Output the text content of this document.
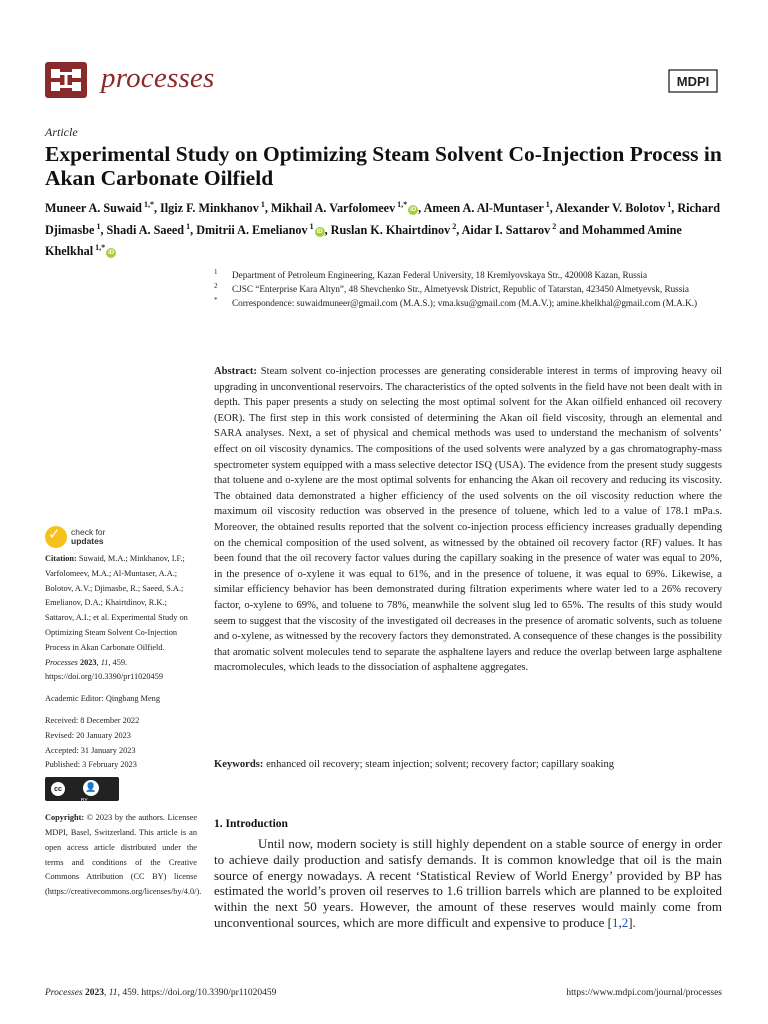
processes	MDPI
Article
Experimental Study on Optimizing Steam Solvent Co-Injection Process in Akan Carbonate Oilfield
Muneer A. Suwaid $^{1,*}$, Ilgiz F. Minkhanov $^1$, Mikhail A. Varfolomeev $^{1,*}$iD , Ameen A. Al-Muntaser $^1$, Alexander V. Bolotov $^1$, Richard Djimasbe $^1$, Shadi A. Saeed $^1$, Dmitrii A. Emelianov $^1$iD , Ruslan K. Khairtdinov $^2$, Aidar I. Sattarov $^2$ and Mohammed Amine Khelkhal $^{1,*}$iD
1 Department of Petroleum Engineering, Kazan Federal University, 18 Kremlyovskaya Str., 420008 Kazan, Russia
2 CJSC “Enterprise Kara Altyn”, 48 Shevchenko Str., Almetyevsk District, Republic of Tatarstan, 423450 Almetyevsk, Russia
* Correspondence: suwaidmuneer@gmail.com (M.A.S.); vma.ksu@gmail.com (M.A.V.); amine.khelkhal@gmail.com (M.A.K.)
Abstract: Steam solvent co-injection processes are generating considerable interest in terms of improving heavy oil upgrading in unconventional reservoirs. The characteristics of the opted solvents in the field have not been dealt with in depth. This paper presents a study on selecting the most optimal solvent for the Akan oilfield enhanced oil recovery (EOR). The first step in this work consisted of determining the Akan oil field viscosity, through an elemental and SARA analyses. Next, a set of physical and chemical methods was used to understand the mechanism of solvents’ effect on oil viscosity dynamics. The compositions of the used solvents were analyzed by a gas chromatography-mass spectrometer system equipped with a mass selective detector ISQ (USA). The evidence from the present study suggests that toluene and o-xylene are the most optimal solvents for enhancing the Akan oil recovery and reducing its viscosity. The obtained data demonstrated a higher efficiency of the used solvents on the oil viscosity reduction where the maximum oil viscosity reduction was observed in the presence of toluene, which led to a value of 178.1 mPa.s. Moreover, the obtained results reported that the solvent co-injection process efficiency increases gradually depending on the chemical composition of the used solvent, as witnessed by the obtained oil recovery factor (RF) values. It has been found that the oil recovery factor values during the capillary soaking in the presence of water was equal to 20%, in the presence of o-xylene it was equal to 61%, and in the presence of toluene, it was equal to 69%. Likewise, a similar efficiency behavior has been demonstrated during filtration experiments where water led to a 26% recovery factor, o-xylene to 69%, and toluene to 78%, meanwhile the solvent slug led to 65%. The results of this study would seem to suggest that the viscosity of the investigated oil decreases in the presence of aromatic solvents, such as toluene and o-xylene, as witnessed by the recovery factors they demonstrated. A consequence of these changes is the possibility that aromatic solvent molecules tend to separate the asphaltene layers and reduce the overlap between large asphaltene macromolecules, which leads to the dissociation of asphaltene aggregates.
Keywords: enhanced oil recovery; steam injection; solvent; recovery factor; capillary soaking
✓ check for
updates
Citation: Suwaid, M.A.; Minkhanov, I.F.; Varfolomeev, M.A.; Al-Muntaser, A.A.; Bolotov, A.V.; Djimasbe, R.; Saeed, S.A.; Emelianov, D.A.; Khairtdinov, R.K.; Sattarov, A.I.; et al. Experimental Study on Optimizing Steam Solvent Co-Injection Process in Akan Carbonate Oilfield. Processes 2023, 11, 459. https://doi.org/10.3390/pr11020459
Academic Editor: Qingbang Meng
Received: 8 December 2022
Revised: 20 January 2023
Accepted: 31 January 2023
Published: 3 February 2023
cc	👤
BY
Copyright: © 2023 by the authors. Licensee MDPI, Basel, Switzerland. This article is an open access article distributed under the terms and conditions of the Creative Commons Attribution (CC BY) license (https://creativecommons.org/licenses/by/4.0/).
1. Introduction
Until now, modern society is still highly dependent on a stable source of energy in order to achieve daily production and satisfy demands. It is common knowledge that oil is the main source of energy nowadays. A recent ‘Statistical Review of World Energy’ provided by BP has estimated the world’s proven oil reserves to 1.6 trillion barrels which are planned to be exploited within the next 50 years. However, the amount of these reserves would mainly come from unconventional sources, which are more difficult and expensive to produce [1,2].
Processes 2023, 11, 459. https://doi.org/10.3390/pr11020459	https://www.mdpi.com/journal/processes
